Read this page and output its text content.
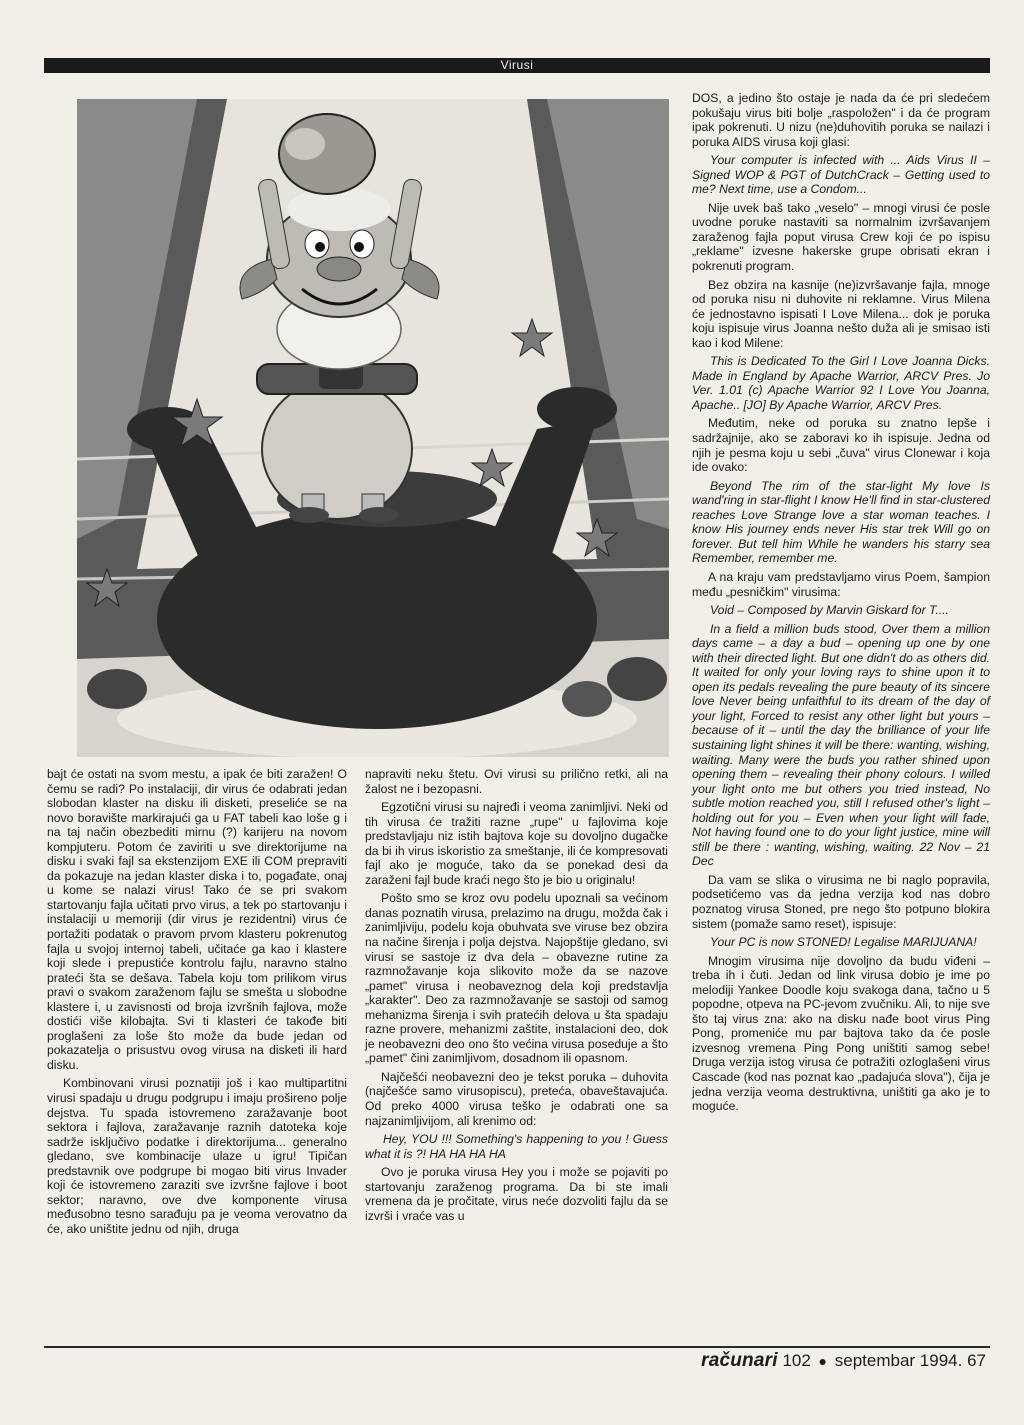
Virusi

bajt će ostati na svom mestu, a ipak će biti zaražen! O čemu se radi? Po instalaciji, dir virus će odabrati jedan slobodan klaster na disku ili disketi, preseliće se na novo boravište markirajući ga u FAT tabeli kao loše g i na taj način obezbediti mirnu (?) karijeru na novom kompjuteru. Potom će zaviriti u sve direktorijume na disku i svaki fajl sa ekstenzijom EXE ili COM prepraviti da pokazuje na jedan klaster diska i to, pogađate, onaj u kome se nalazi virus! Tako će se pri svakom startovanju fajla učitati prvo virus, a tek po startovanju i instalaciji u memoriji (dir virus je rezidentni) virus će portažiti podatak o pravom prvom klasteru pokrenutog fajla u svojoj internoj tabeli, učitaće ga kao i klastere koji slede i prepustiće kontrolu fajlu, naravno stalno prateći šta se dešava. Tabela koju tom prilikom virus pravi o svakom zaraženom fajlu se smešta u slobodne klastere i, u zavisnosti od broja izvršnih fajlova, može dostići više kilobajta. Svi ti klasteri će takođe biti proglašeni za loše što može da bude jedan od pokazatelja o prisustvu ovog virusa na disketi ili hard disku.

Kombinovani virusi poznatiji još i kao multipartitni virusi spadaju u drugu podgrupu i imaju prošireno polje dejstva. Tu spada istovremeno zaražavanje boot sektora i fajlova, zaražavanje raznih datoteka koje sadrže isključivo podatke i direktorijuma... generalno gledano, sve kombinacije ulaze u igru! Tipičan predstavnik ove podgrupe bi mogao biti virus Invader koji će istovremeno zaraziti sve izvršne fajlove i boot sektor; naravno, ove dve komponente virusa međusobno tesno sarađuju pa je veoma verovatno da će, ako uništite jednu od njih, druga

napraviti neku štetu. Ovi virusi su prilično retki, ali na žalost ne i bezopasni.

Egzotični virusi su najređi i veoma zanimljivi. Neki od tih virusa će tražiti razne „rupe" u fajlovima koje predstavljaju niz istih bajtova koje su dovoljno dugačke da bi ih virus iskoristio za smeštanje, ili će kompresovati fajl ako je moguće, tako da se ponekad desi da zaraženi fajl bude kraći nego što je bio u originalu!

Pošto smo se kroz ovu podelu upoznali sa većinom danas poznatih virusa, prelazimo na drugu, možda čak i zanimljiviju, podelu koja obuhvata sve viruse bez obzira na načine širenja i polja dejstva. Najopštije gledano, svi virusi se sastoje iz dva dela – obavezne rutine za razmnožavanje koja slikovito može da se nazove „pamet" virusa i neobaveznog dela koji predstavlja „karakter". Deo za razmnožavanje se sastoji od samog mehanizma širenja i svih pratećih delova u šta spadaju razne provere, mehanizmi zaštite, instalacioni deo, dok je neobavezni deo ono što većina virusa poseduje a što „pamet" čini zanimljivom, dosadnom ili opasnom.

Najčešći neobavezni deo je tekst poruka – duhovita (najčešće samo virusopiscu), preteća, obaveštavajuća. Od preko 4000 virusa teško je odabrati one sa najzanimljivijom, ali krenimo od:

Hey, YOU !!! Something's happening to you ! Guess what it is ?! HA HA HA HA

Ovo je poruka virusa Hey you i može se pojaviti po startovanju zaraženog programa. Da bi ste imali vremena da je pročitate, virus neće dozvoliti fajlu da se izvrši i vraće vas u

DOS, a jedino što ostaje je nada da će pri sledećem pokušaju virus biti bolje „raspoložen" i da će program ipak pokrenuti. U nizu (ne)duhovitih poruka se nailazi i poruka AIDS virusa koji glasi:

Your computer is infected with ... Aids Virus II – Signed WOP & PGT of DutchCrack – Getting used to me? Next time, use a Condom...

Nije uvek baš tako „veselo" – mnogi virusi će posle uvodne poruke nastaviti sa normalnim izvršavanjem zaraženog fajla poput virusa Crew koji će po ispisu „reklame" izvesne hakerske grupe obrisati ekran i pokrenuti program.

Bez obzira na kasnije (ne)izvršavanje fajla, mnoge od poruka nisu ni duhovite ni reklamne. Virus Milena će jednostavno ispisati I Love Milena... dok je poruka koju ispisuje virus Joanna nešto duža ali je smisao isti kao i kod Milene:

This is Dedicated To the Girl I Love Joanna Dicks. Made in England by Apache Warrior, ARCV Pres. Jo Ver. 1.01 (c) Apache Warrior 92 I Love You Joanna, Apache.. [JO] By Apache Warrior, ARCV Pres.

Međutim, neke od poruka su znatno lepše i sadržajnije, ako se zaboravi ko ih ispisuje. Jedna od njih je pesma koju u sebi „čuva" virus Clonewar i koja ide ovako:

Beyond The rim of the star-light My love Is wand'ring in star-flight I know He'll find in star-clustered reaches Love Strange love a star woman teaches. I know His journey ends never His star trek Will go on forever. But tell him While he wanders his starry sea Remember, remember me.

A na kraju vam predstavljamo virus Poem, šampion među „pesničkim" virusima:

Void – Composed by Marvin Giskard for T....

In a field a million buds stood, Over them a million days came – a day a bud – opening up one by one with their directed light. But one didn't do as others did. It waited for only your loving rays to shine upon it to open its pedals revealing the pure beauty of its sincere love Never being unfaithful to its dream of the day of your light, Forced to resist any other light but yours – because of it – until the day the brilliance of your life sustaining light shines it will be there: wanting, wishing, waiting. Many were the buds you rather shined upon opening them – revealing their phony colours. I willed your light onto me but others you tried instead, No subtle motion reached you, still I refused other's light – holding out for you – Even when your light will fade, Not having found one to do your light justice, mine will still be there : wanting, wishing, waiting. 22 Nov – 21 Dec

Da vam se slika o virusima ne bi naglo popravila, podsetićemo vas da jedna verzija kod nas dobro poznatog virusa Stoned, pre nego što potpuno blokira sistem (pomaže samo reset), ispisuje:

Your PC is now STONED! Legalise MARIJUANA!

Mnogim virusima nije dovoljno da budu viđeni – treba ih i čuti. Jedan od link virusa dobio je ime po melodiji Yankee Doodle koju svakoga dana, tačno u 5 popodne, otpeva na PC-jevom zvučniku. Ali, to nije sve što taj virus zna: ako na disku nađe boot virus Ping Pong, promeniće mu par bajtova tako da će posle izvesnog vremena Ping Pong uništiti samog sebe! Druga verzija istog virusa će potražiti ozloglašeni virus Cascade (kod nas poznat kao „padajuća slova"), čija je jedna verzija veoma destruktivna, uništiti ga ako je to moguće.

računari 102 ● septembar 1994. 67
